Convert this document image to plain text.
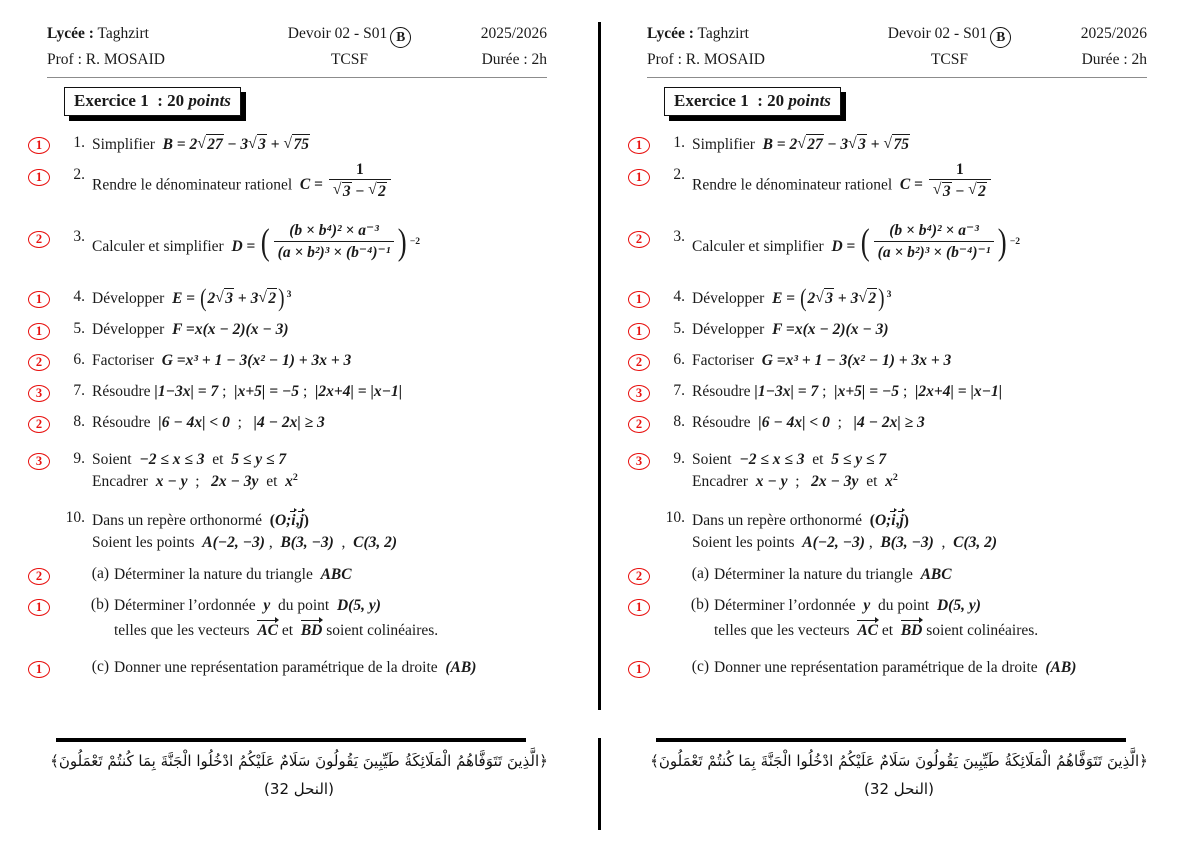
Lycée : Taghzirt	Devoir 02 - S01 B	2025/2026
Prof : R. MOSAID	TCSF	Durée : 2h
Exercice 1 : 20 points
1	1. Simplifier B = 2 √ 27 − 3 √ 3 + √ 75
1	2.
Rendre le dénominateur rationel C = 1
√ 3 − √ 2
2	3.
Calculer et simplifier D = ( $\frac{\text{(b × b⁴)² × a⁻³}}{\text{(a × b²)³ × (b⁻⁴)⁻¹}}$ ) $^{-2}$
1	4. Développer E = (2 √ 3 + 3 √ 2) $^3$
1	5. Développer F =x(x − 2)(x − 3)
2	6. Factoriser G =x³ + 1 − 3(x² − 1) + 3x + 3
3	7. Résoudre |1−3x| = 7 ; |x+5| = −5 ; |2x+4| = |x−1|
2	8. Résoudre |6 − 4x| < 0 ; |4 − 2x| ≥ 3
3	9. Soient −2 ≤ x ≤ 3 et 5 ≤ y ≤ 7
Encadrer x − y ; 2x − 3y et $x^2$
10. Dans un repère orthonormé (O;
i,
j)
Soient les points A(−2, −3) , B(3, −3) , C(3, 2)
2	(a) Déterminer la nature du triangle ABC
1	(b) Déterminer l’ordonnée y du point D(5, y)
telles que les vecteurs AC et BD soient colinéaires.
1	(c) Donner une représentation paramétrique de la droite (AB)
﴿الَّذِينَ تَتَوَفَّاهُمُ الْمَلَائِكَةُ طَيِّبِينَ يَقُولُونَ سَلَامٌ عَلَيْكُمُ ادْخُلُوا الْجَنَّةَ بِمَا كُنتُمْ تَعْمَلُونَ﴾
(النحل 32)
Lycée : Taghzirt	Devoir 02 - S01 B	2025/2026
Prof : R. MOSAID	TCSF	Durée : 2h
Exercice 1 : 20 points
1	1. Simplifier B = 2 √ 27 − 3 √ 3 + √ 75
1	2.
Rendre le dénominateur rationel C = 1
√ 3 − √ 2
2	3.
Calculer et simplifier D = ( $\frac{\text{(b × b⁴)² × a⁻³}}{\text{(a × b²)³ × (b⁻⁴)⁻¹}}$ ) $^{-2}$
1	4. Développer E = (2 √ 3 + 3 √ 2) $^3$
1	5. Développer F =x(x − 2)(x − 3)
2	6. Factoriser G =x³ + 1 − 3(x² − 1) + 3x + 3
3	7. Résoudre |1−3x| = 7 ; |x+5| = −5 ; |2x+4| = |x−1|
2	8. Résoudre |6 − 4x| < 0 ; |4 − 2x| ≥ 3
3	9. Soient −2 ≤ x ≤ 3 et 5 ≤ y ≤ 7
Encadrer x − y ; 2x − 3y et $x^2$
10. Dans un repère orthonormé (O;
i,
j)
Soient les points A(−2, −3) , B(3, −3) , C(3, 2)
2	(a) Déterminer la nature du triangle ABC
1	(b) Déterminer l’ordonnée y du point D(5, y)
telles que les vecteurs AC et BD soient colinéaires.
1	(c) Donner une représentation paramétrique de la droite (AB)
﴿الَّذِينَ تَتَوَفَّاهُمُ الْمَلَائِكَةُ طَيِّبِينَ يَقُولُونَ سَلَامٌ عَلَيْكُمُ ادْخُلُوا الْجَنَّةَ بِمَا كُنتُمْ تَعْمَلُونَ﴾
(النحل 32)
